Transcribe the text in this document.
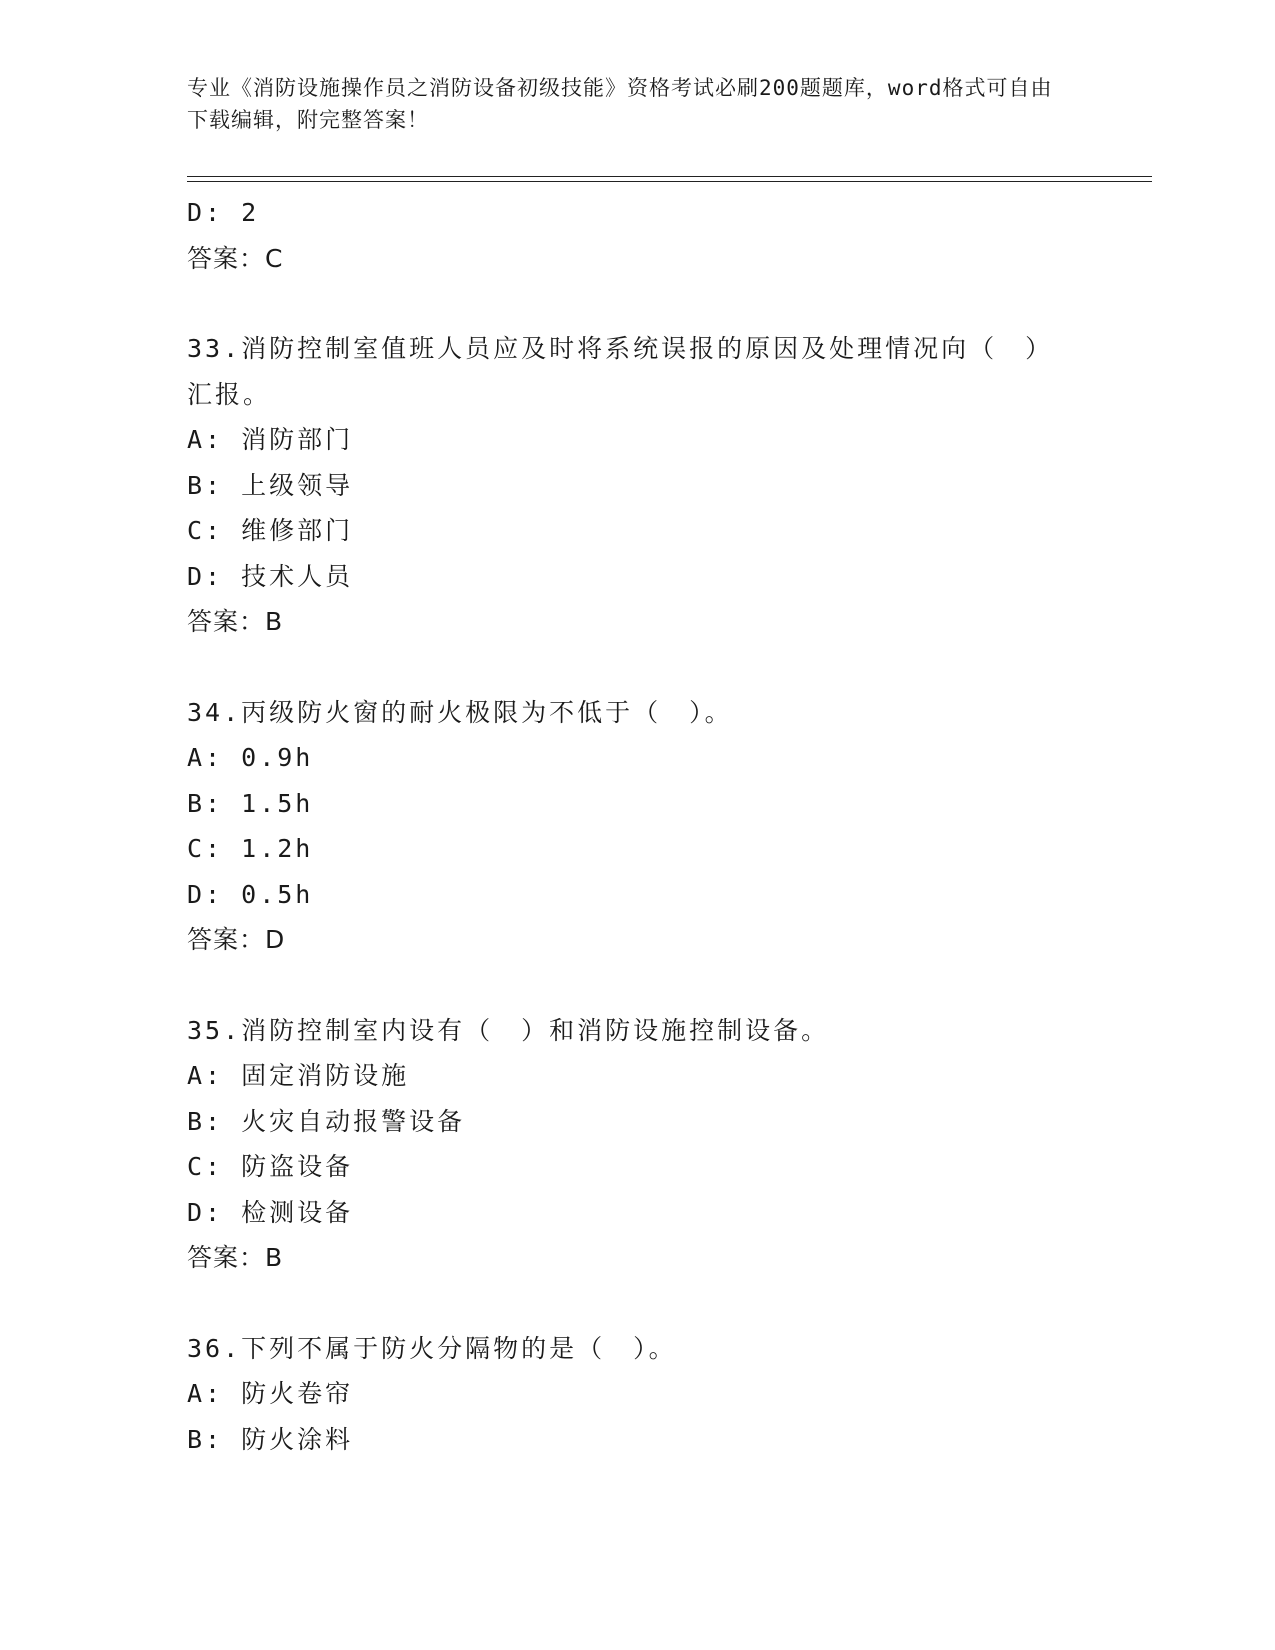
专业《消防设施操作员之消防设备初级技能》资格考试必刷200题题库，word格式可自由下载编辑，附完整答案！
D: 2
答案：C
33.消防控制室值班人员应及时将系统误报的原因及处理情况向（　）汇报。
A: 消防部门
B: 上级领导
C: 维修部门
D: 技术人员
答案：B
34.丙级防火窗的耐火极限为不低于（　）。
A: 0.9h
B: 1.5h
C: 1.2h
D: 0.5h
答案：D
35.消防控制室内设有（　）和消防设施控制设备。
A: 固定消防设施
B: 火灾自动报警设备
C: 防盗设备
D: 检测设备
答案：B
36.下列不属于防火分隔物的是（　）。
A: 防火卷帘
B: 防火涂料
